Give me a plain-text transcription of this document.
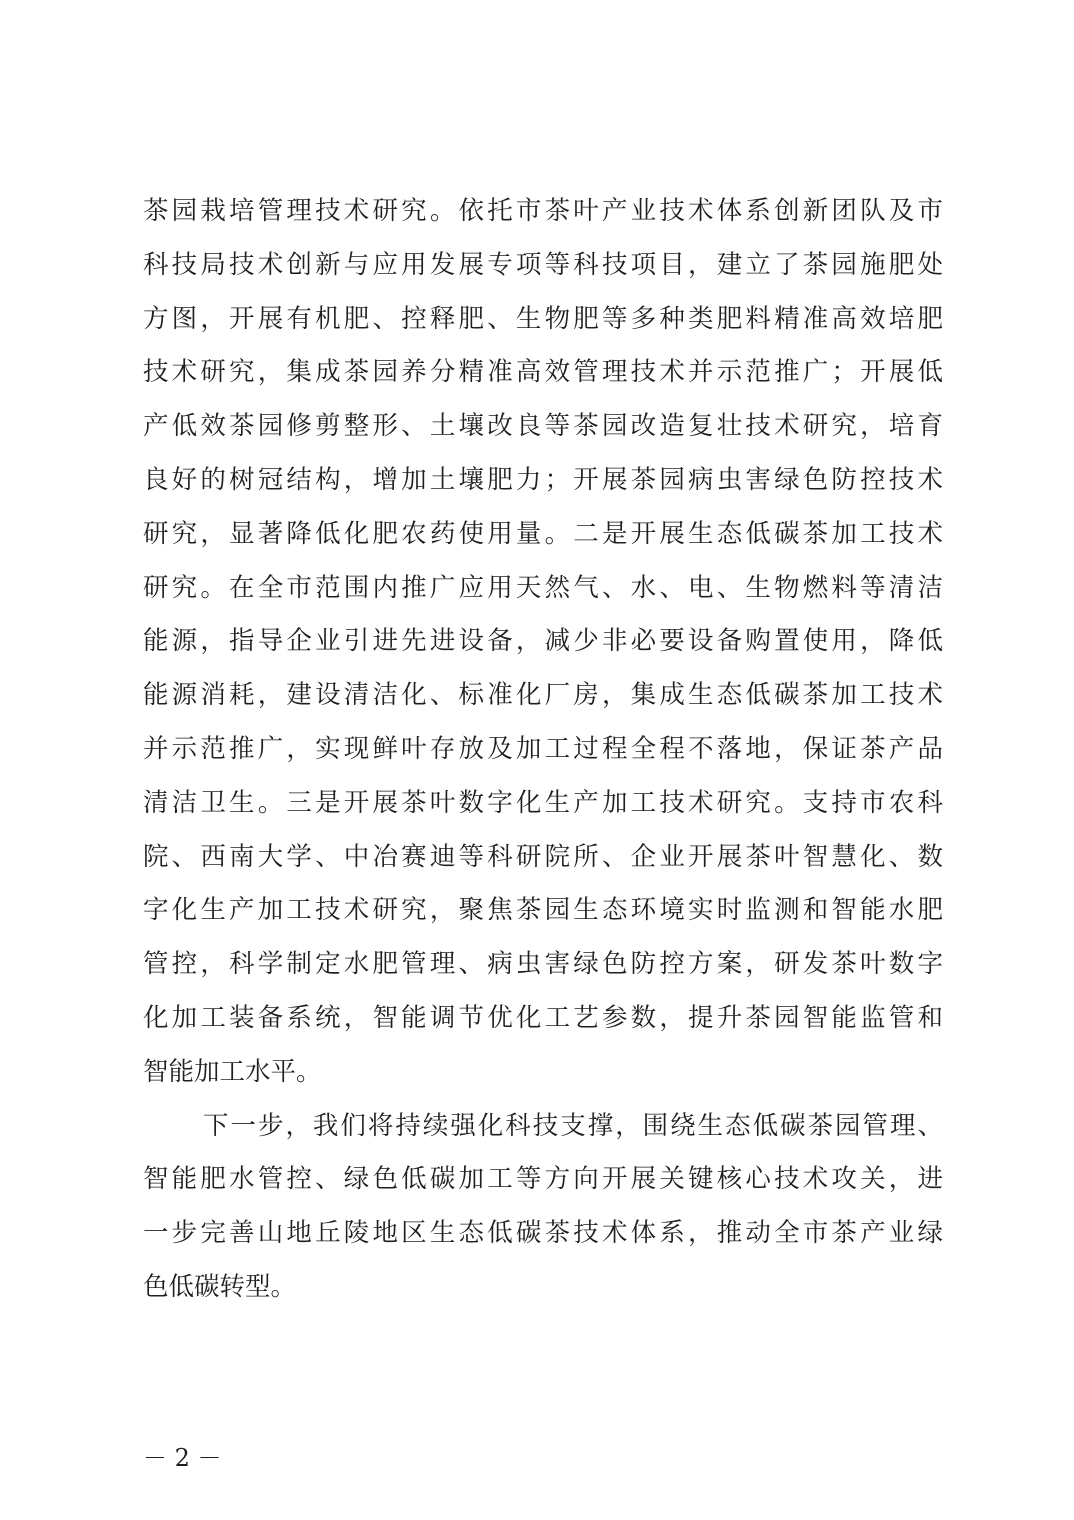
茶园栽培管理技术研究。依托市茶叶产业技术体系创新团队及市
科技局技术创新与应用发展专项等科技项目，建立了茶园施肥处
方图，开展有机肥、控释肥、生物肥等多种类肥料精准高效培肥
技术研究，集成茶园养分精准高效管理技术并示范推广；开展低
产低效茶园修剪整形、土壤改良等茶园改造复壮技术研究，培育
良好的树冠结构，增加土壤肥力；开展茶园病虫害绿色防控技术
研究，显著降低化肥农药使用量。二是开展生态低碳茶加工技术
研究。在全市范围内推广应用天然气、水、电、生物燃料等清洁
能源，指导企业引进先进设备，减少非必要设备购置使用，降低
能源消耗，建设清洁化、标准化厂房，集成生态低碳茶加工技术
并示范推广，实现鲜叶存放及加工过程全程不落地，保证茶产品
清洁卫生。三是开展茶叶数字化生产加工技术研究。支持市农科
院、西南大学、中冶赛迪等科研院所、企业开展茶叶智慧化、数
字化生产加工技术研究，聚焦茶园生态环境实时监测和智能水肥
管控，科学制定水肥管理、病虫害绿色防控方案，研发茶叶数字
化加工装备系统，智能调节优化工艺参数，提升茶园智能监管和
智能加工水平。
下一步，我们将持续强化科技支撑，围绕生态低碳茶园管理、
智能肥水管控、绿色低碳加工等方向开展关键核心技术攻关，进
一步完善山地丘陵地区生态低碳茶技术体系，推动全市茶产业绿
色低碳转型。
－ 2 －
